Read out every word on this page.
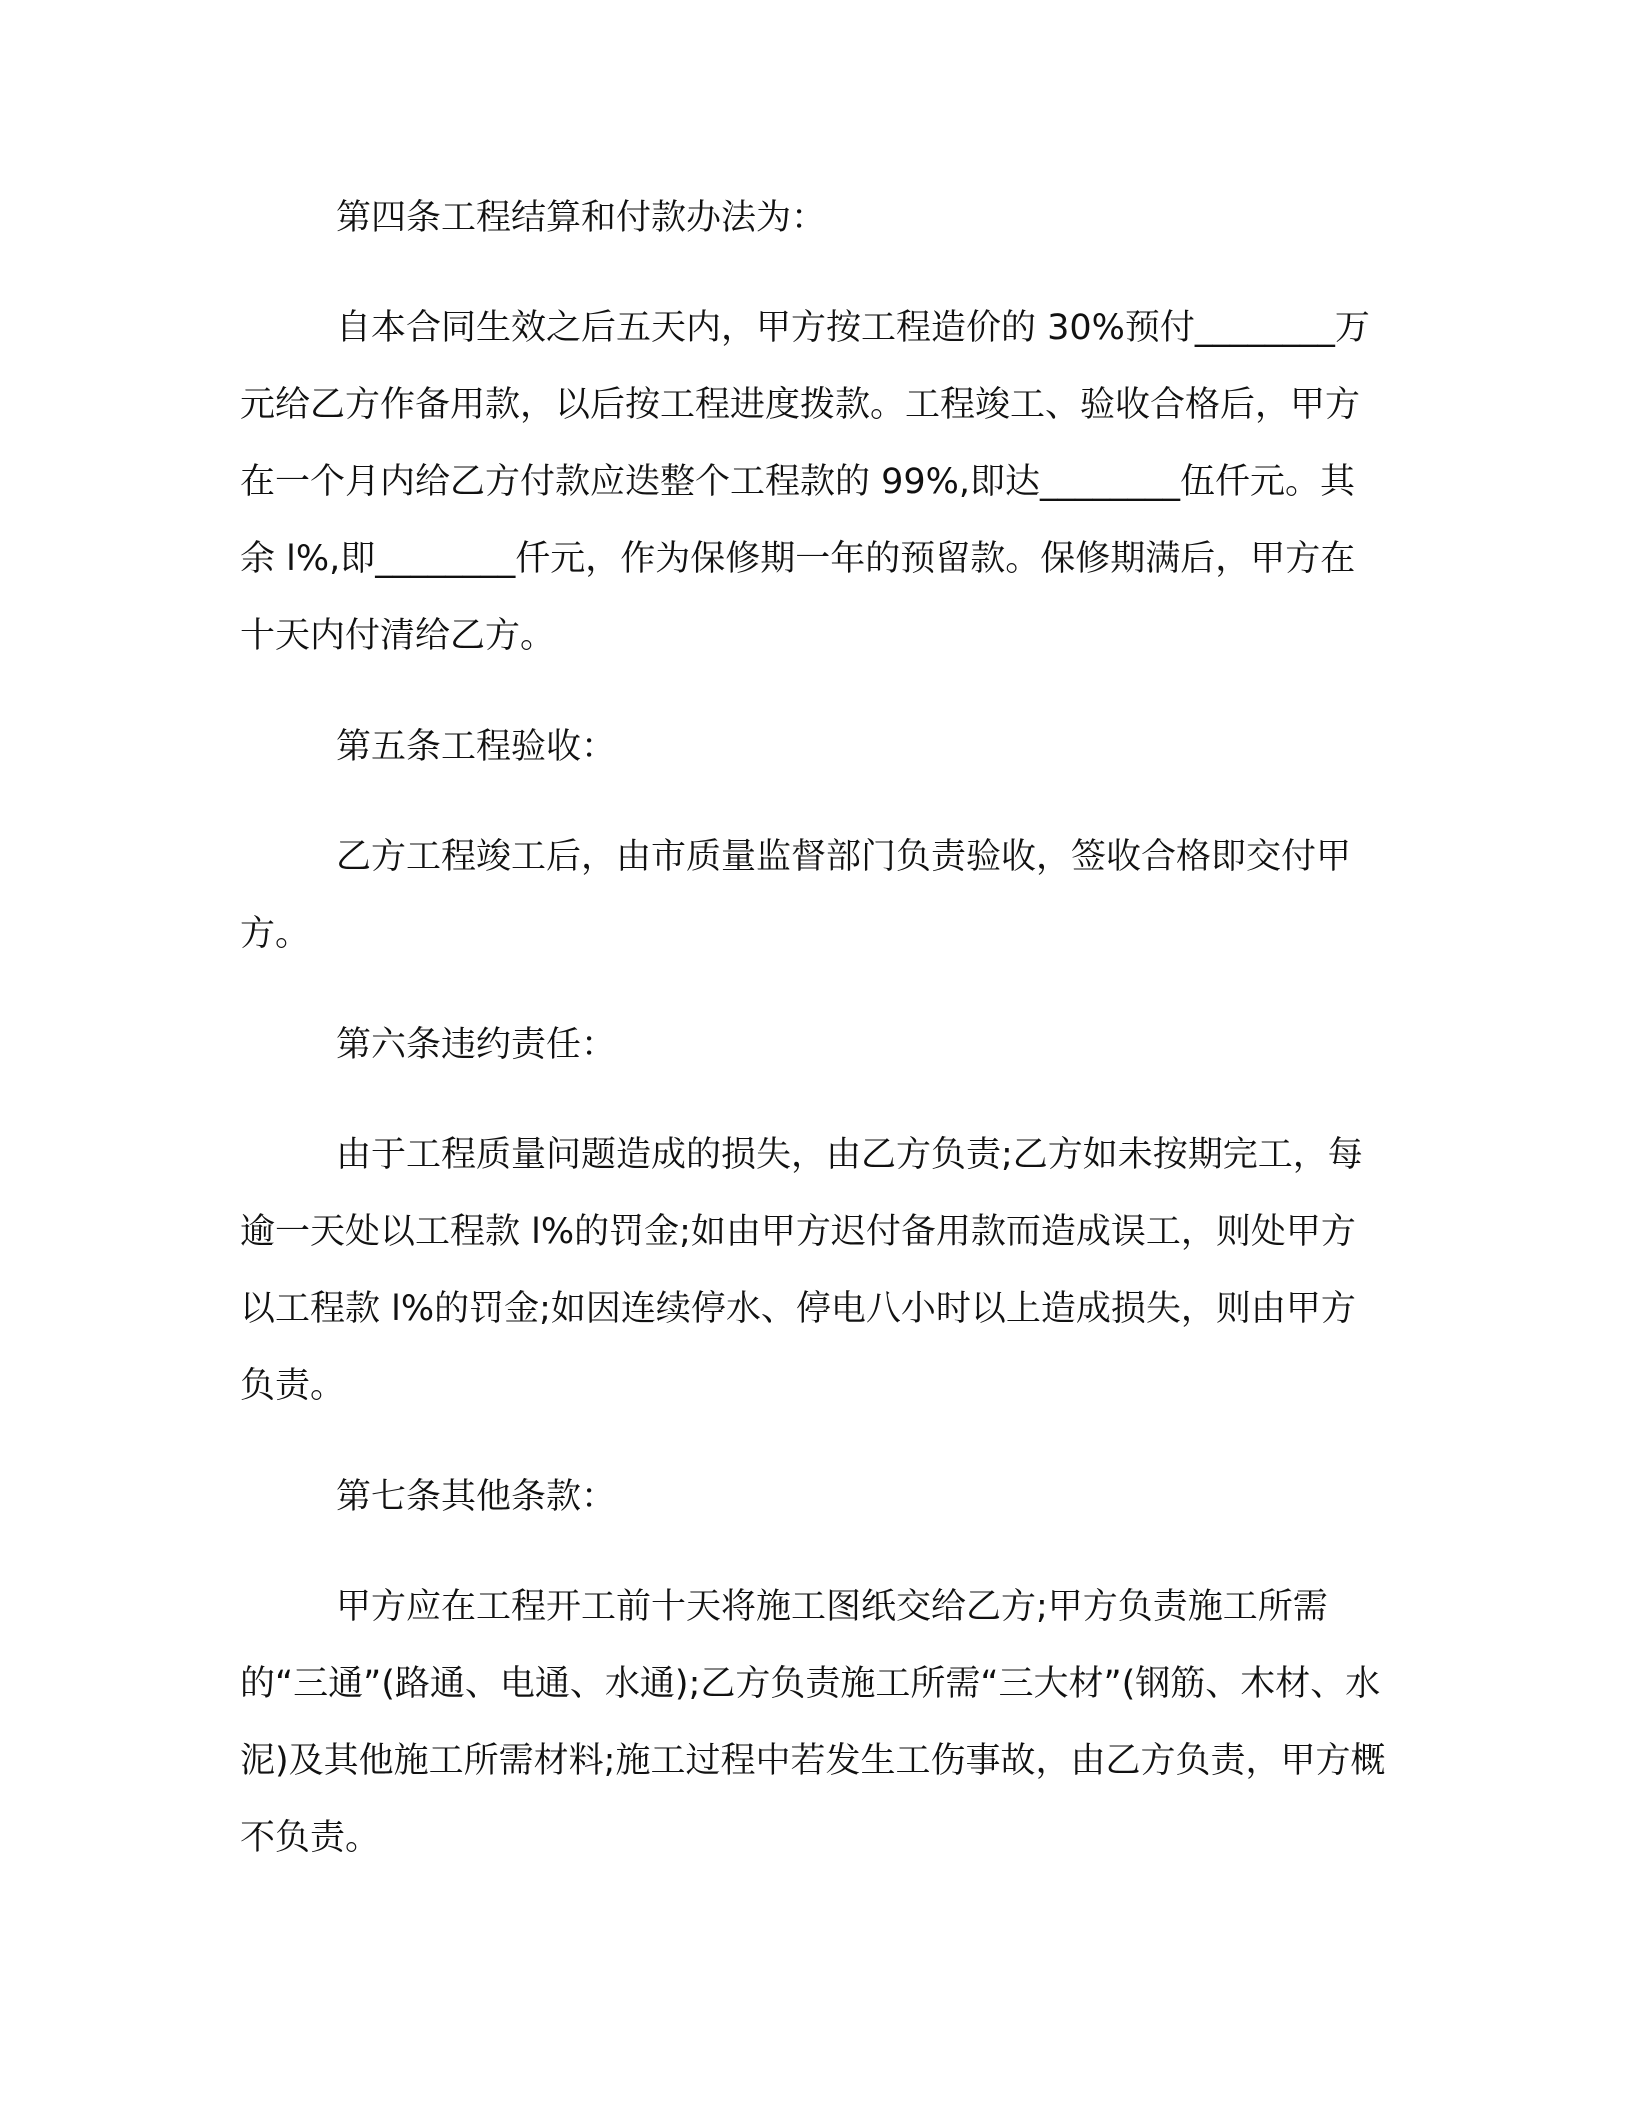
第四条工程结算和付款办法为：

自本合同生效之后五天内，甲方按工程造价的 30%预付________万元给乙方作备用款，以后按工程进度拨款。工程竣工、验收合格后，甲方在一个月内给乙方付款应迭整个工程款的 99%,即达________伍仟元。其余 l%,即________仟元，作为保修期一年的预留款。保修期满后，甲方在十天内付清给乙方。

第五条工程验收：

乙方工程竣工后，由市质量监督部门负责验收，签收合格即交付甲方。

第六条违约责任：

由于工程质量问题造成的损失，由乙方负责;乙方如未按期完工，每逾一天处以工程款 l%的罚金;如由甲方迟付备用款而造成误工，则处甲方以工程款 l%的罚金;如因连续停水、停电八小时以上造成损失，则由甲方负责。

第七条其他条款：

甲方应在工程开工前十天将施工图纸交给乙方;甲方负责施工所需的“三通”(路通、电通、水通);乙方负责施工所需“三大材”(钢筋、木材、水泥)及其他施工所需材料;施工过程中若发生工伤事故，由乙方负责，甲方概不负责。
